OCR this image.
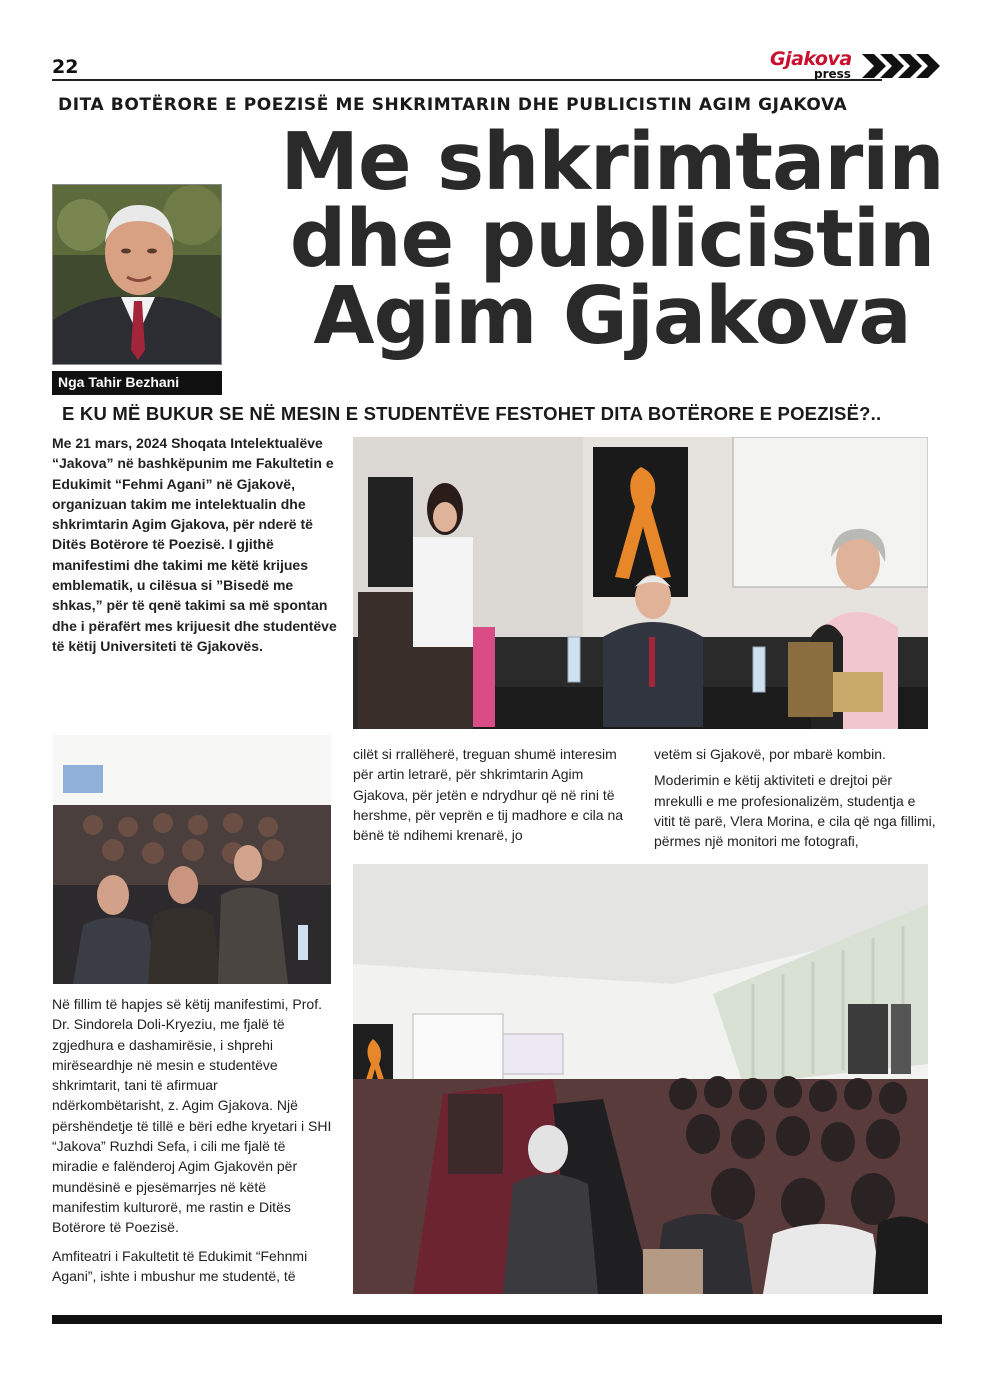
22	Gjakova
press
DITA BOTËRORE E POEZISË ME SHKRIMTARIN DHE PUBLICISTIN AGIM GJAKOVA
Me shkrimtarin
dhe publicistin
Agim Gjakova
Nga Tahir Bezhani
E KU MË BUKUR SE NË MESIN E STUDENTËVE FESTOHET DITA BOTËRORE E POEZISË?..
Me 21 mars, 2024 Shoqata Intelektualëve “Jakova” në bashkëpunim me Fakultetin e Edukimit “Fehmi Agani” në Gjakovë, organizuan takim me intelektualin dhe shkrimtarin Agim Gjakova, për nderë të Ditës Botërore të Poezisë. I gjithë manifestimi dhe takimi me këtë krijues emblematik, u cilësua si ”Bisedë me shkas,” për të qenë takimi sa më spontan dhe i përafërt mes krijuesit dhe studentëve të këtij Universiteti të Gjakovës.

Në fillim të hapjes së këtij manifestimi, Prof. Dr. Sindorela Doli-Kryeziu, me fjalë të zgjedhura e dashamirësie, i shprehi mirëseardhje në mesin e studentëve shkrimtarit, tani të afirmuar ndërkombëtarisht, z. Agim Gjakova. Një përshëndetje të tillë e bëri edhe kryetari i SHI “Jakova” Ruzhdi Sefa, i cili me fjalë të miradie e falënderoj Agim Gjakovën për mundësinë e pjesëmarrjes në këtë manifestim kulturorë, me rastin e Ditës Botërore të Poezisë.

Amfiteatri i Fakultetit të Edukimit “Fehnmi Agani”, ishte i mbushur me studentë, të

cilët si rrallëherë, treguan shumë interesim për artin letrarë, për shkrimtarin Agim Gjakova, për jetën e ndrydhur që në rini të hershme, për veprën e tij madhore e cila na bënë të ndihemi krenarë, jo

vetëm si Gjakovë, por mbarë kombin.

Moderimin e këtij aktiviteti e drejtoi për mrekulli e me profesionalizëm, studentja e vitit të parë, Vlera Morina, e cila që nga fillimi, përmes një monitori me fotografi,
